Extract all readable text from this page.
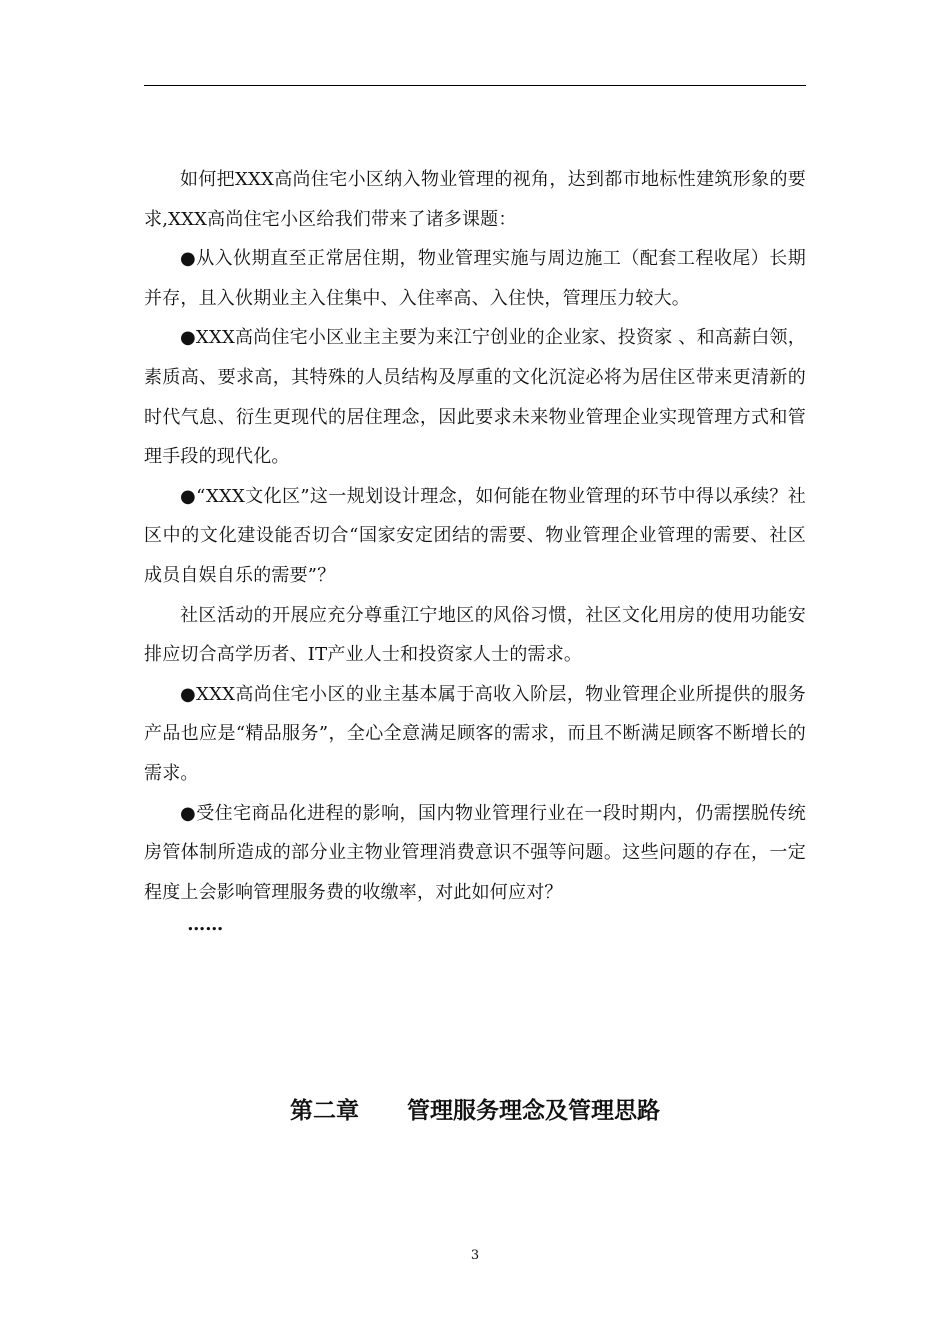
如何把XXX高尚住宅小区纳入物业管理的视角，达到都市地标性建筑形象的要求,XXX高尚住宅小区给我们带来了诸多课题：

●从入伙期直至正常居住期，物业管理实施与周边施工（配套工程收尾）长期并存，且入伙期业主入住集中、入住率高、入住快，管理压力较大。

●XXX高尚住宅小区业主主要为来江宁创业的企业家、投资家 、和高薪白领，素质高、要求高，其特殊的人员结构及厚重的文化沉淀必将为居住区带来更清新的时代气息、衍生更现代的居住理念，因此要求未来物业管理企业实现管理方式和管理手段的现代化。

●“XXX文化区”这一规划设计理念，如何能在物业管理的环节中得以承续？社区中的文化建设能否切合“国家安定团结的需要、物业管理企业管理的需要、社区成员自娱自乐的需要”？

社区活动的开展应充分尊重江宁地区的风俗习惯，社区文化用房的使用功能安排应切合高学历者、IT产业人士和投资家人士的需求。

●XXX高尚住宅小区的业主基本属于高收入阶层，物业管理企业所提供的服务产品也应是“精品服务”，全心全意满足顾客的需求，而且不断满足顾客不断增长的需求。

●受住宅商品化进程的影响，国内物业管理行业在一段时期内，仍需摆脱传统房管体制所造成的部分业主物业管理消费意识不强等问题。这些问题的存在，一定程度上会影响管理服务费的收缴率，对此如何应对？

……

第二章 管理服务理念及管理思路
3
